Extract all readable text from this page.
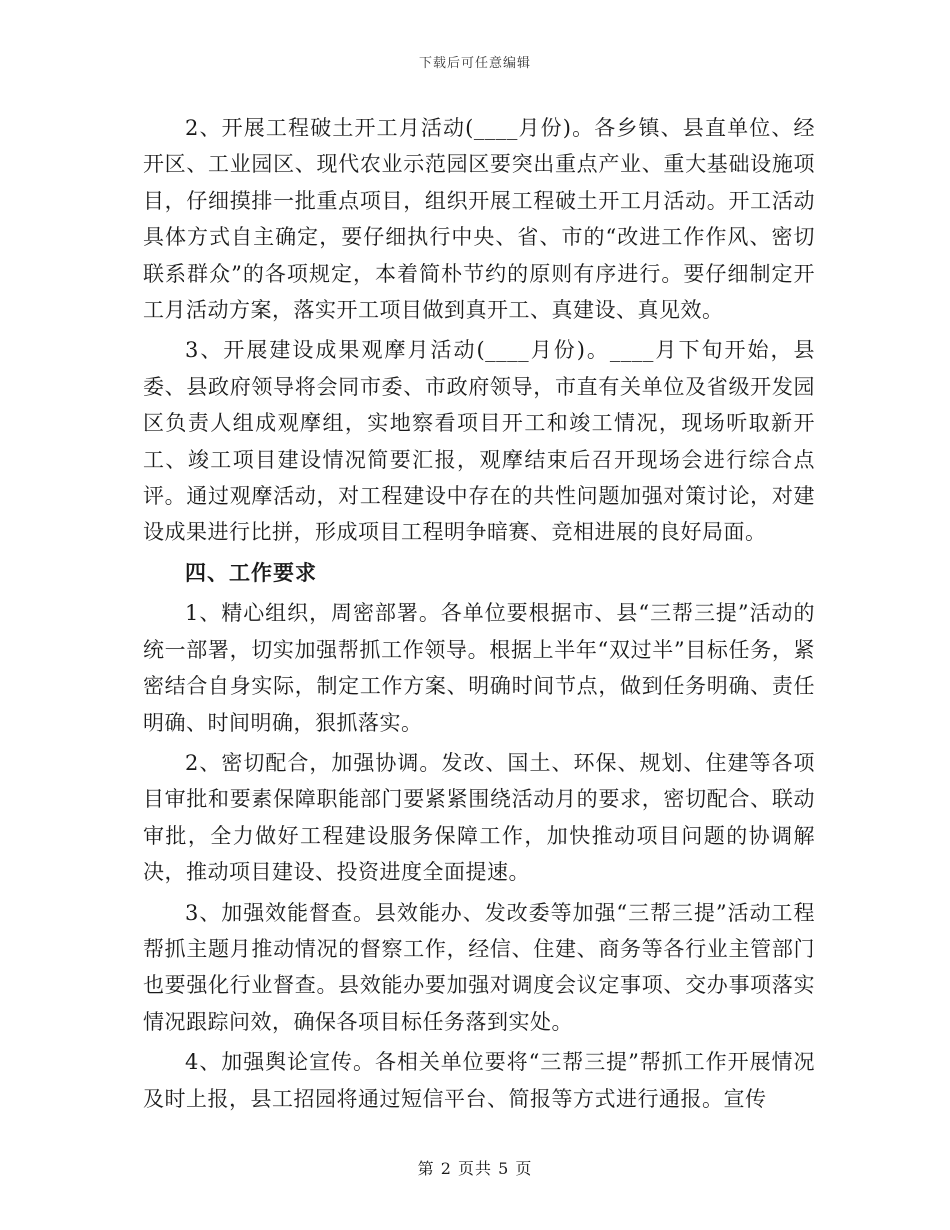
下载后可任意编辑

2、开展工程破土开工月活动(____月份)。各乡镇、县直单位、经开区、工业园区、现代农业示范园区要突出重点产业、重大基础设施项目，仔细摸排一批重点项目，组织开展工程破土开工月活动。开工活动具体方式自主确定，要仔细执行中央、省、市的“改进工作作风、密切联系群众”的各项规定，本着简朴节约的原则有序进行。要仔细制定开工月活动方案，落实开工项目做到真开工、真建设、真见效。

3、开展建设成果观摩月活动(____月份)。____月下旬开始，县委、县政府领导将会同市委、市政府领导，市直有关单位及省级开发园区负责人组成观摩组，实地察看项目开工和竣工情况，现场听取新开工、竣工项目建设情况简要汇报，观摩结束后召开现场会进行综合点评。通过观摩活动，对工程建设中存在的共性问题加强对策讨论，对建设成果进行比拼，形成项目工程明争暗赛、竞相进展的良好局面。

四、工作要求

1、精心组织，周密部署。各单位要根据市、县“三帮三提”活动的统一部署，切实加强帮抓工作领导。根据上半年“双过半”目标任务，紧密结合自身实际，制定工作方案、明确时间节点，做到任务明确、责任明确、时间明确，狠抓落实。

2、密切配合，加强协调。发改、国土、环保、规划、住建等各项目审批和要素保障职能部门要紧紧围绕活动月的要求，密切配合、联动审批，全力做好工程建设服务保障工作，加快推动项目问题的协调解决，推动项目建设、投资进度全面提速。

3、加强效能督查。县效能办、发改委等加强“三帮三提”活动工程帮抓主题月推动情况的督察工作，经信、住建、商务等各行业主管部门也要强化行业督查。县效能办要加强对调度会议定事项、交办事项落实情况跟踪问效，确保各项目标任务落到实处。

4、加强舆论宣传。各相关单位要将“三帮三提”帮抓工作开展情况及时上报，县工招园将通过短信平台、简报等方式进行通报。宣传

第 2 页共 5 页
